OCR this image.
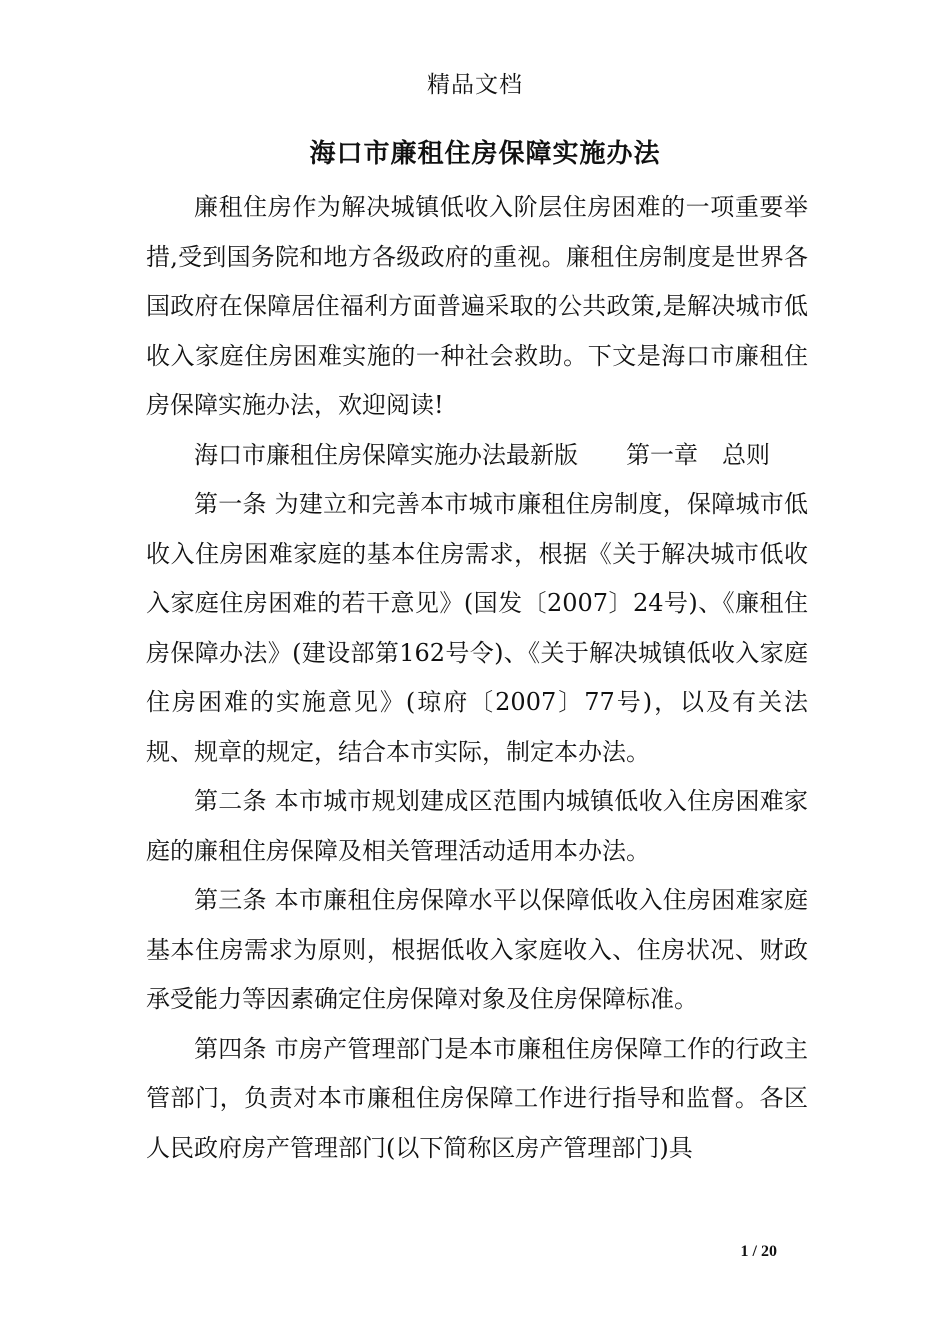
精品文档
海口市廉租住房保障实施办法

廉租住房作为解决城镇低收入阶层住房困难的一项重要举措,受到国务院和地方各级政府的重视。廉租住房制度是世界各国政府在保障居住福利方面普遍采取的公共政策,是解决城市低收入家庭住房困难实施的一种社会救助。下文是海口市廉租住房保障实施办法，欢迎阅读!

海口市廉租住房保障实施办法最新版　　第一章　总则

第一条 为建立和完善本市城市廉租住房制度，保障城市低收入住房困难家庭的基本住房需求，根据《关于解决城市低收入家庭住房困难的若干意见》(国发〔2007〕24号)、《廉租住房保障办法》(建设部第162号令)、《关于解决城镇低收入家庭住房困难的实施意见》(琼府〔2007〕77号)，以及有关法规、规章的规定，结合本市实际，制定本办法。

第二条 本市城市规划建成区范围内城镇低收入住房困难家庭的廉租住房保障及相关管理活动适用本办法。

第三条 本市廉租住房保障水平以保障低收入住房困难家庭基本住房需求为原则，根据低收入家庭收入、住房状况、财政承受能力等因素确定住房保障对象及住房保障标准。

第四条 市房产管理部门是本市廉租住房保障工作的行政主管部门，负责对本市廉租住房保障工作进行指导和监督。各区人民政府房产管理部门(以下简称区房产管理部门)具

1 / 20
